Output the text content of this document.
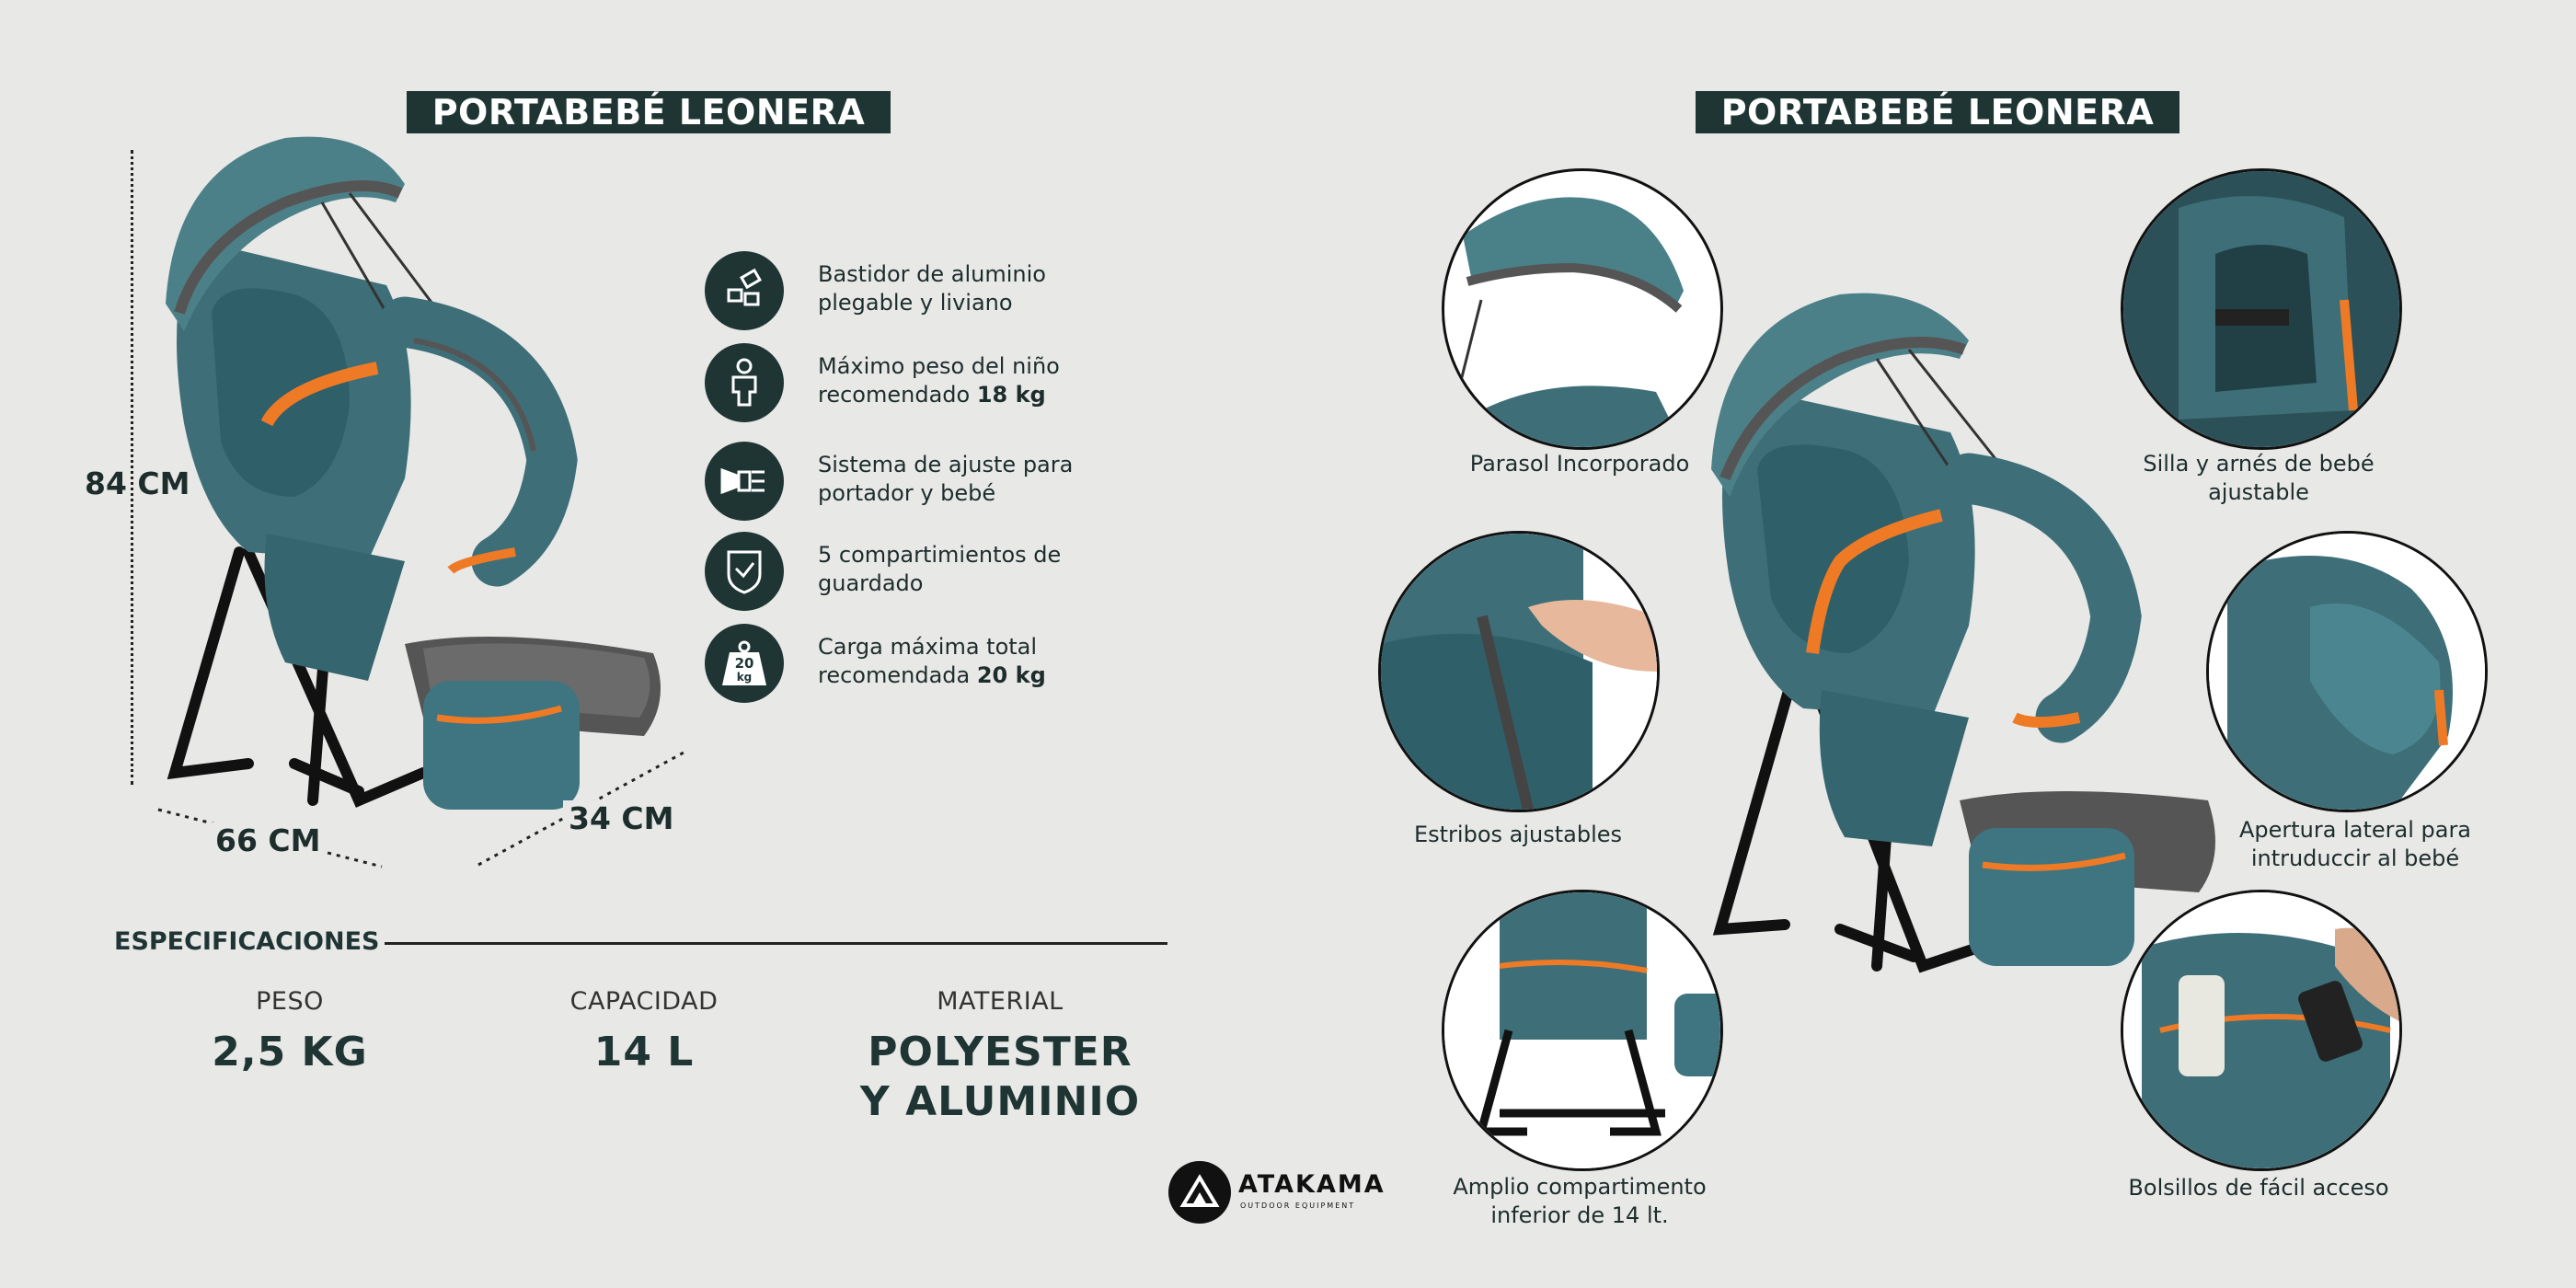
PORTABEBÉ LEONERA
84 CM
66 CM
34 CM
Bastidor de aluminio
plegable y liviano
Máximo peso del niño
recomendado 18 kg
Sistema de ajuste para
portador y bebé
5 compartimientos de
guardado
20
kg
Carga máxima total
recomendada 20 kg
ESPECIFICACIONES
PESO
2,5 KG
CAPACIDAD
14 L
MATERIAL
POLYESTER
Y ALUMINIO
ATAKAMA
OUTDOOR EQUIPMENT
PORTABEBÉ LEONERA
Parasol Incorporado	Silla y arnés de bebé
ajustable
Estribos ajustables	Apertura lateral para
intruduccir al bebé
Amplio compartimento
inferior de 14 lt.
Bolsillos de fácil acceso
